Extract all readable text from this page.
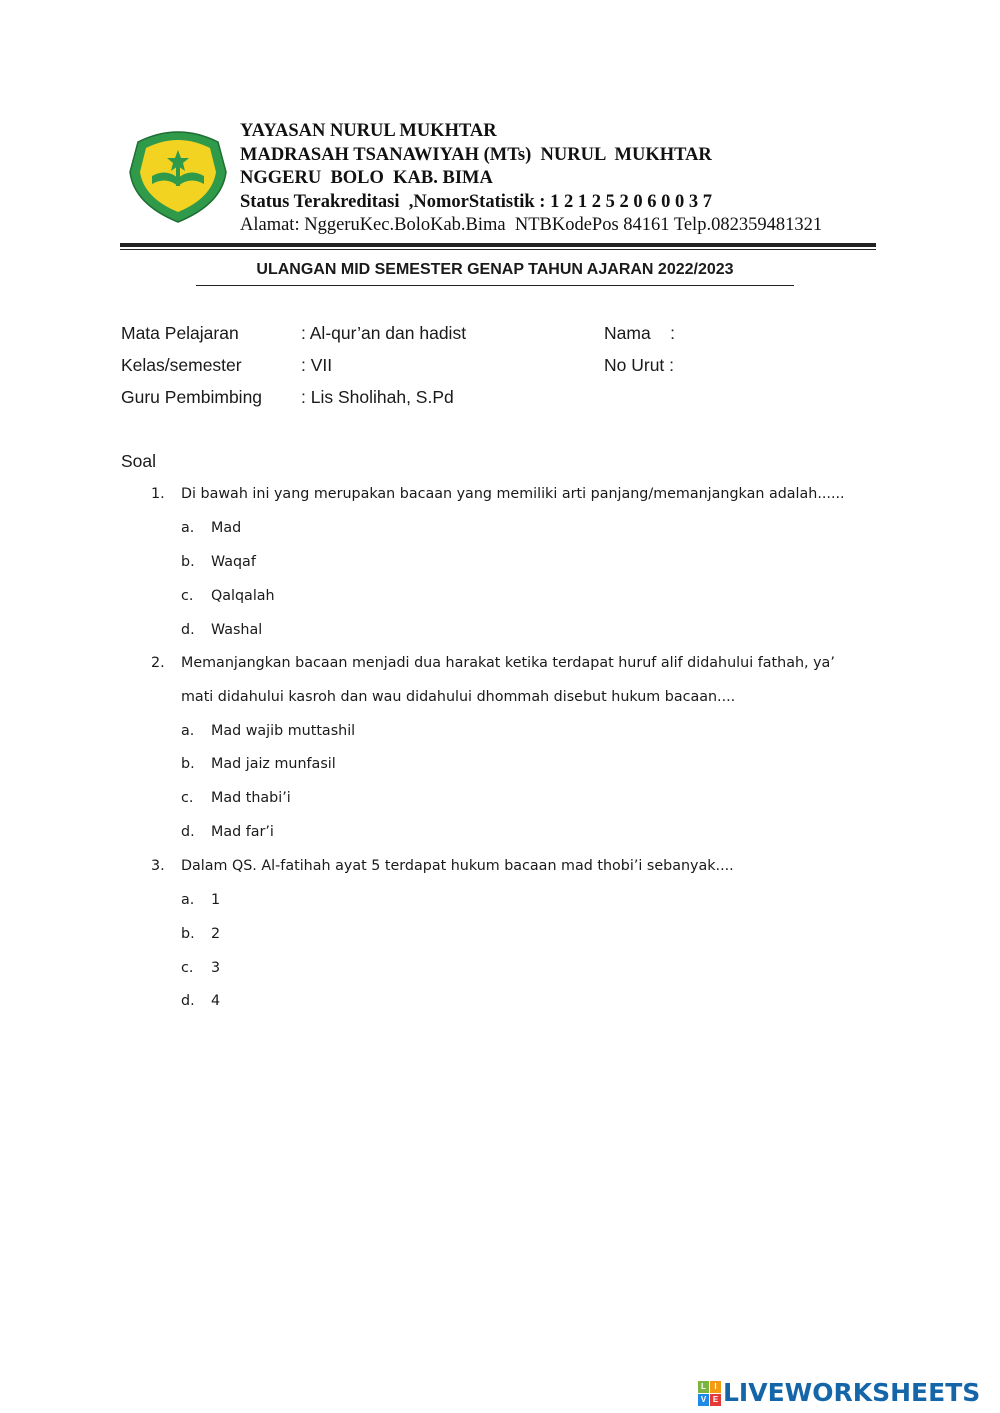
YAYASAN NURUL MUKHTAR
MADRASAH TSANAWIYAH (MTs)  NURUL  MUKHTAR
NGGERU  BOLO  KAB. BIMA
Status Terakreditasi  ,NomorStatistik : 1 2 1 2 5 2 0 6 0 0 3 7
Alamat: NggeruKec.BoloKab.Bima  NTBKodePos 84161 Telp.082359481321
ULANGAN MID SEMESTER GENAP TAHUN AJARAN 2022/2023
Mata Pelajaran	: Al-qur’an dan hadist
Kelas/semester	: VII
Guru Pembimbing : Lis Sholihah, S.Pd
Nama    :
No Urut :
Soal
1. Di bawah ini yang merupakan bacaan yang memiliki arti panjang/memanjangkan adalah......
a. Mad
b. Waqaf
c. Qalqalah
d. Washal
2. Memanjangkan bacaan menjadi dua harakat ketika terdapat huruf alif didahului fathah, ya’
mati didahului kasroh dan wau didahului dhommah disebut hukum bacaan....
a. Mad wajib muttashil
b. Mad jaiz munfasil
c. Mad thabi’i
d. Mad far’i
3. Dalam QS. Al-fatihah ayat 5 terdapat hukum bacaan mad thobi’i sebanyak....
a. 1
b. 2
c. 3
d. 4
L	I
V E LIVEWORKSHEETS
